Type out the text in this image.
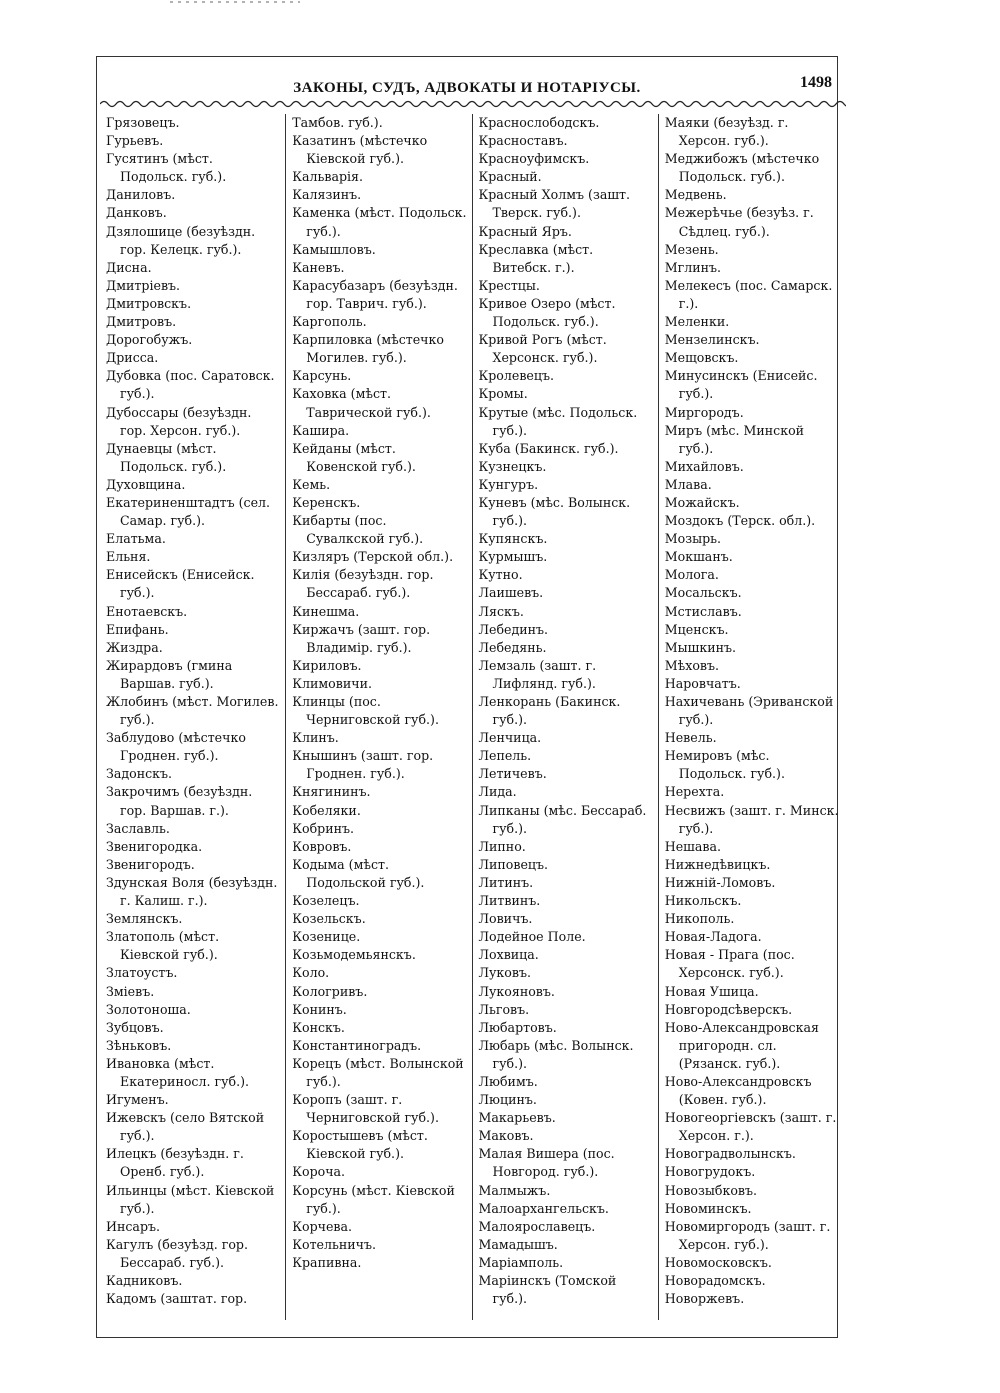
ЗАКОНЫ, СУДЪ, АДВОКАТЫ И НОТАРІУСЫ.	1498
Грязовецъ.
Гурьевъ.
Гусятинъ (мѣст. Подольск. губ.).
Даниловъ.
Данковъ.
Дзялошице (безуѣздн. гор. Келецк. губ.).
Дисна.
Дмитріевъ.
Дмитровскъ.
Дмитровъ.
Дорогобужъ.
Дрисса.
Дубовка (пос. Саратовск. губ.).
Дубоссары (безуѣздн. гор. Херсон. губ.).
Дунаевцы (мѣст. Подольск. губ.).
Духовщина.
Екатериненштадтъ (сел. Самар. губ.).
Елатьма.
Ельня.
Енисейскъ (Енисейск. губ.).
Енотаевскъ.
Епифань.
Жиздра.
Жирардовъ (гмина Варшав. губ.).
Жлобинъ (мѣст. Могилев. губ.).
Заблудово (мѣстечко Гроднен. губ.).
Задонскъ.
Закрочимъ (безуѣздн. гор. Варшав. г.).
Заславль.
Звенигородка.
Звенигородъ.
Здунская Воля (безуѣздн. г. Калиш. г.).
Землянскъ.
Златополь (мѣст. Кіевской губ.).
Златоустъ.
Зміевъ.
Золотоноша.
Зубцовъ.
Зѣньковъ.
Ивановка (мѣст. Екатериносл. губ.).
Игуменъ.
Ижевскъ (село Вятской губ.).
Илецкъ (безуѣздн. г. Оренб. губ.).
Ильинцы (мѣст. Кіевской губ.).
Инсаръ.
Кагулъ (безуѣзд. гор. Бессараб. губ.).
Кадниковъ.
Кадомъ (заштат. гор.
Тамбов. губ.).
Казатинъ (мѣстечко Кіевской губ.).
Кальварія.
Калязинъ.
Каменка (мѣст. Подольск. губ.).
Камышловъ.
Каневъ.
Карасубазаръ (безуѣздн. гор. Таврич. губ.).
Каргополь.
Карпиловка (мѣстечко Могилев. губ.).
Карсунь.
Каховка (мѣст. Таврической губ.).
Кашира.
Кейданы (мѣст. Ковенской губ.).
Кемь.
Керенскъ.
Кибарты (пос. Сувалкской губ.).
Кизляръ (Терской обл.).
Килія (безуѣздн. гор. Бессараб. губ.).
Кинешма.
Киржачъ (зашт. гор. Владимір. губ.).
Кириловъ.
Климовичи.
Клинцы (пос. Черниговской губ.).
Клинъ.
Кнышинъ (зашт. гор. Гроднен. губ.).
Княгининъ.
Кобеляки.
Кобринъ.
Ковровъ.
Кодыма (мѣст. Подольской губ.).
Козелецъ.
Козельскъ.
Козеницe.
Козьмодемьянскъ.
Коло.
Кологривъ.
Конинъ.
Конскъ.
Константиноградъ.
Корецъ (мѣст. Волынской губ.).
Коропъ (зашт. г. Черниговской губ.).
Коростышевъ (мѣст. Кіевской губ.).
Короча.
Корсунь (мѣст. Кіевской губ.).
Корчева.
Котельничъ.
Крапивна.
Краснослободскъ.
Красноставъ.
Красноуфимскъ.
Красный.
Красный Холмъ (зашт. Тверск. губ.).
Красный Яръ.
Креславка (мѣст. Витебск. г.).
Крестцы.
Кривое Озеро (мѣст. Подольск. губ.).
Кривой Рогъ (мѣст. Херсонск. губ.).
Кролевецъ.
Кромы.
Крутые (мѣс. Подольск. губ.).
Куба (Бакинск. губ.).
Кузнецкъ.
Кунгуръ.
Куневъ (мѣс. Волынск. губ.).
Купянскъ.
Курмышъ.
Кутно.
Лаишевъ.
Ляскъ.
Лебединъ.
Лебедянь.
Лемзаль (зашт. г. Лифлянд. губ.).
Ленкорань (Бакинск. губ.).
Ленчица.
Лепель.
Летичевъ.
Лида.
Липканы (мѣс. Бессараб. губ.).
Липно.
Липовецъ.
Литинъ.
Литвинъ.
Ловичъ.
Лодейное Поле.
Лохвица.
Луковъ.
Лукояновъ.
Льговъ.
Любартовъ.
Любарь (мѣс. Волынск. губ.).
Любимъ.
Люцинъ.
Макарьевъ.
Маковъ.
Малая Вишера (пос. Новгород. губ.).
Малмыжъ.
Малоархангельскъ.
Малоярославецъ.
Мамадышъ.
Маріамполь.
Маріинскъ (Томской губ.).
Маяки (безуѣзд. г. Херсон. губ.).
Меджибожъ (мѣстечко Подольск. губ.).
Медвень.
Межерѣчье (безуѣз. г. Сѣдлец. губ.).
Мезень.
Мглинъ.
Мелекесъ (пос. Самарск. г.).
Меленки.
Мензелинскъ.
Мещовскъ.
Минусинскъ (Енисейс. губ.).
Миргородъ.
Миръ (мѣс. Минской губ.).
Михайловъ.
Млава.
Можайскъ.
Моздокъ (Терск. обл.).
Мозырь.
Мокшанъ.
Молога.
Мосальскъ.
Мстиславъ.
Мценскъ.
Мышкинъ.
Мѣховъ.
Наровчатъ.
Нахичевань (Эриванской губ.).
Невель.
Немировъ (мѣс. Подольск. губ.).
Нерехта.
Несвижъ (зашт. г. Минск. губ.).
Нешава.
Нижнедѣвицкъ.
Нижній-Ломовъ.
Никольскъ.
Никополь.
Новая-Ладога.
Новая - Прага (пос. Херсонск. губ.).
Новая Ушица.
Новгородсѣверскъ.
Ново-Александровская пригородн. сл. (Рязанск. губ.).
Ново-Александровскъ (Ковен. губ.).
Новогеоргіевскъ (зашт. г. Херсон. г.).
Новоградволынскъ.
Новогрудокъ.
Новозыбковъ.
Новоминскъ.
Новомиргородъ (зашт. г. Херсон. губ.).
Новомосковскъ.
Новорадомскъ.
Новоржевъ.
